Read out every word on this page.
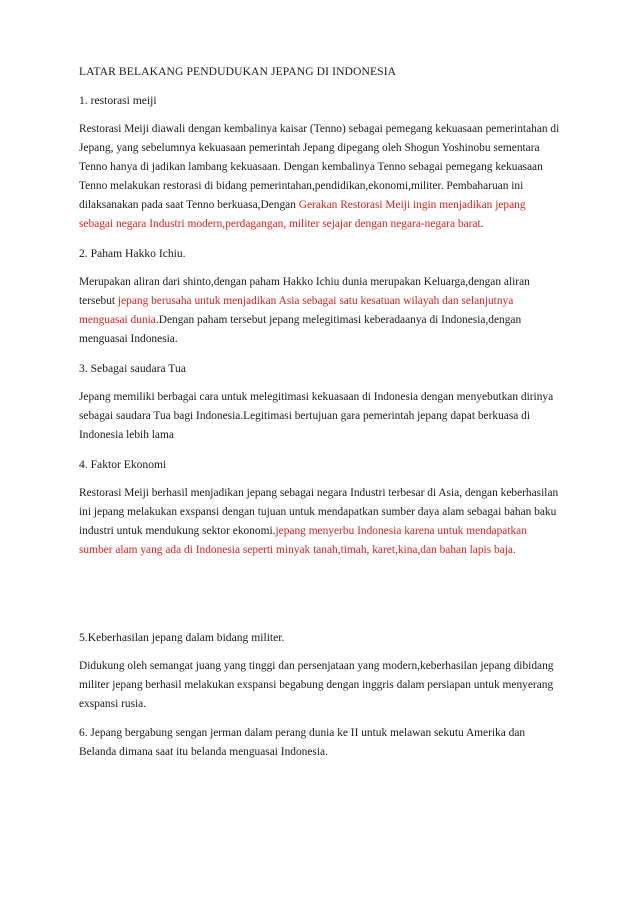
LATAR BELAKANG PENDUDUKAN JEPANG DI INDONESIA
1. restorasi meiji

Restorasi Meiji diawali dengan kembalinya kaisar (Tenno) sebagai pemegang kekuasaan pemerintahan di Jepang, yang sebelumnya kekuasaan pemerintah Jepang dipegang oleh Shogun Yoshinobu sementara Tenno hanya di jadikan lambang kekuasaan. Dengan kembalinya Tenno sebagai pemegang kekuasaan Tenno melakukan restorasi di bidang pemerintahan,pendidikan,ekonomi,militer. Pembaharuan ini dilaksanakan pada saat Tenno berkuasa,Dengan Gerakan Restorasi Meiji ingin menjadikan jepang sebagai negara Industri modern,perdagangan, militer sejajar dengan negara-negara barat.

2. Paham Hakko Ichiu.

Merupakan aliran dari shinto,dengan paham Hakko Ichiu dunia merupakan Keluarga,dengan aliran tersebut jepang berusaha untuk menjadikan Asia sebagai satu kesatuan wilayah dan selanjutnya menguasai dunia.Dengan paham tersebut jepang melegitimasi keberadaanya di Indonesia,dengan menguasai Indonesia.

3. Sebagai saudara Tua

Jepang memiliki berbagai cara untuk melegitimasi kekuasaan di Indonesia dengan menyebutkan dirinya sebagai saudara Tua bagi Indonesia.Legitimasi bertujuan gara pemerintah jepang dapat berkuasa di Indonesia lebih lama

4. Faktor Ekonomi

Restorasi Meiji berhasil menjadikan jepang sebagai negara Industri terbesar di Asia, dengan keberhasilan ini jepang melakukan exspansi dengan tujuan untuk mendapatkan sumber daya alam sebagai bahan baku industri untuk mendukung sektor ekonomi.jepang menyerbu Indonesia karena untuk mendapatkan sumber alam yang ada di Indonesia seperti minyak tanah,timah, karet,kina,dan bahan lapis baja.

5.Keberhasilan jepang dalam bidang militer.

Didukung oleh semangat juang yang tinggi dan persenjataan yang modern,keberhasilan jepang dibidang militer jepang berhasil melakukan exspansi begabung dengan inggris dalam persiapan untuk menyerang exspansi rusia.

6. Jepang bergabung sengan jerman dalam perang dunia ke II untuk melawan sekutu Amerika dan Belanda dimana saat itu belanda menguasai Indonesia.
